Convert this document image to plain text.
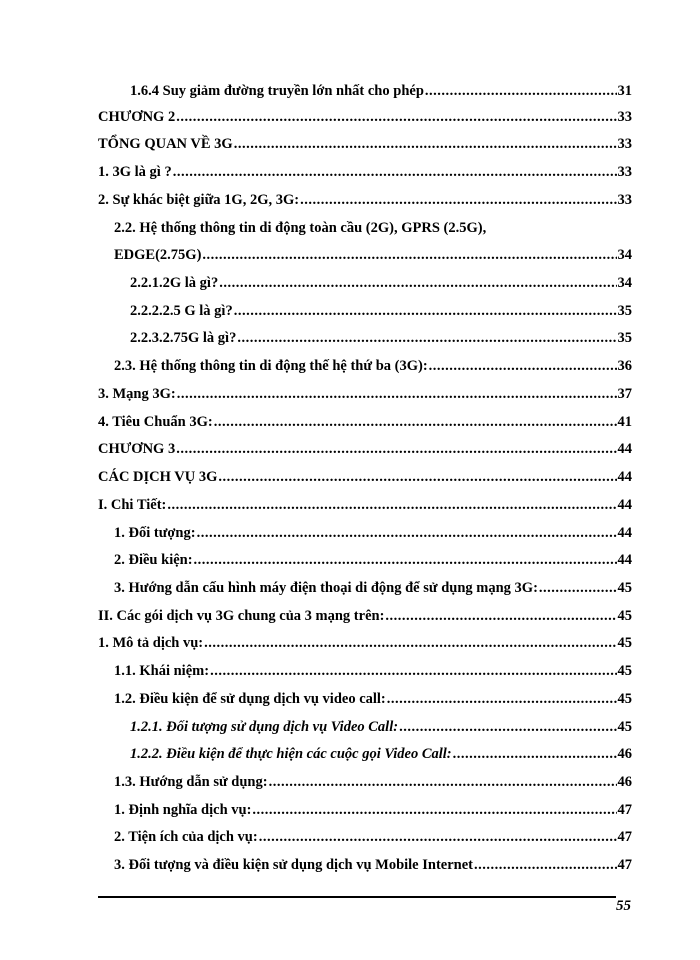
1.6.4 Suy giảm đường truyền lớn nhất cho phép .....	31
CHƯƠNG 2 .....	33
TỔNG QUAN VỀ 3G .....	33
1. 3G là gì ? .....	33
2. Sự khác biệt giữa 1G, 2G, 3G: .....	33
2.2. Hệ thống thông tin di động toàn cầu (2G), GPRS (2.5G),
EDGE(2.75G) .....	34
2.2.1. 2G là gì? .....	34
2.2.2. 2.5 G là gì? .....	35
2.2.3. 2.75G là gì? .....	35
2.3. Hệ thống thông tin di động thế hệ thứ ba (3G): .....	36
3. Mạng 3G: .....	37
4. Tiêu Chuẩn 3G: .....	41
CHƯƠNG 3 .....	44
CÁC DỊCH VỤ 3G .....	44
I. Chi Tiết: .....	44
1. Đối tượng: .....	44
2. Điều kiện: .....	44
3. Hướng dẫn cấu hình máy điện thoại di động để sử dụng mạng 3G: .....	45
II. Các gói dịch vụ 3G chung của 3 mạng trên: .....	45
1. Mô tả dịch vụ: .....	45
1.1. Khái niệm: .....	45
1.2. Điều kiện để sử dụng dịch vụ video call: .....	45
1.2.1. Đối tượng sử dụng dịch vụ Video Call: .....	45
1.2.2. Điều kiện để thực hiện các cuộc gọi Video Call: .....	46
1.3. Hướng dẫn sử dụng: .....	46
1. Định nghĩa dịch vụ: .....	47
2. Tiện ích của dịch vụ: .....	47
3. Đối tượng và điều kiện sử dụng dịch vụ Mobile Internet .....	47
55
